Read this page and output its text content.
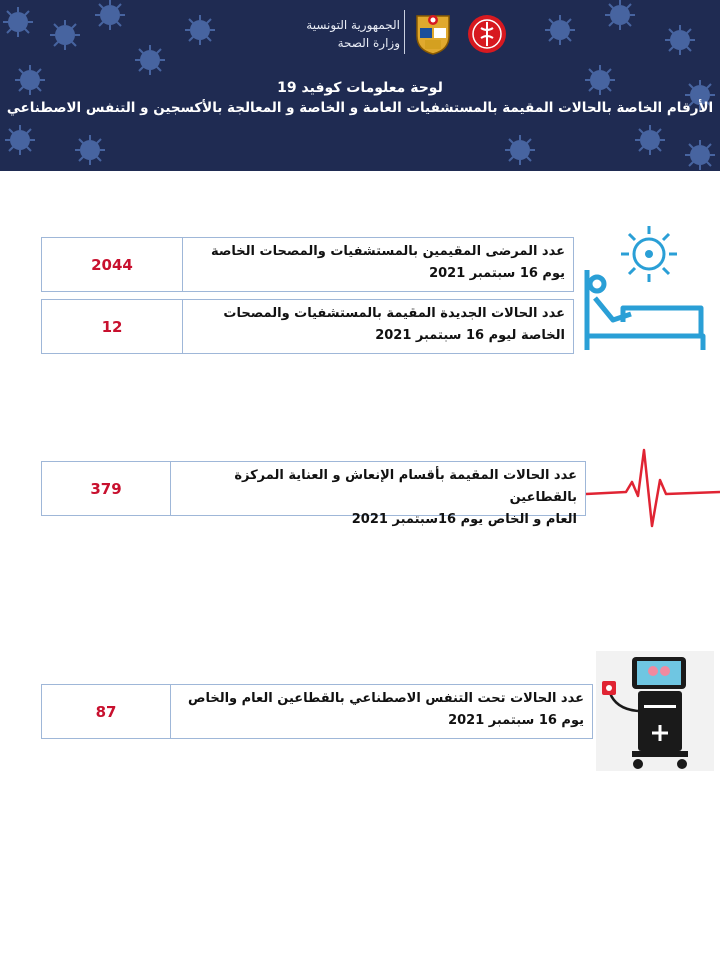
الجمهورية التونسية
وزارة الصحة
لوحة معلومات كوفيد 19
الأرقام الخاصة بالحالات المقيمة بالمستشفيات العامة و الخاصة و المعالجة بالأكسجين و التنفس الاصطناعي
عدد المرضى المقيمين بالمستشفيات والمصحات الخاصة
يوم 16 سبتمبر 2021
2044
عدد الحالات الجديدة المقيمة بالمستشفيات والمصحات
الخاصة ليوم 16 سبتمبر 2021
12
عدد الحالات المقيمة بأقسام الإنعاش و العناية المركزة بالقطاعين
العام و الخاص يوم 16سبتمبر 2021
379
عدد الحالات تحت التنفس الاصطناعي بالقطاعين العام والخاص
يوم 16 سبتمبر 2021
87
